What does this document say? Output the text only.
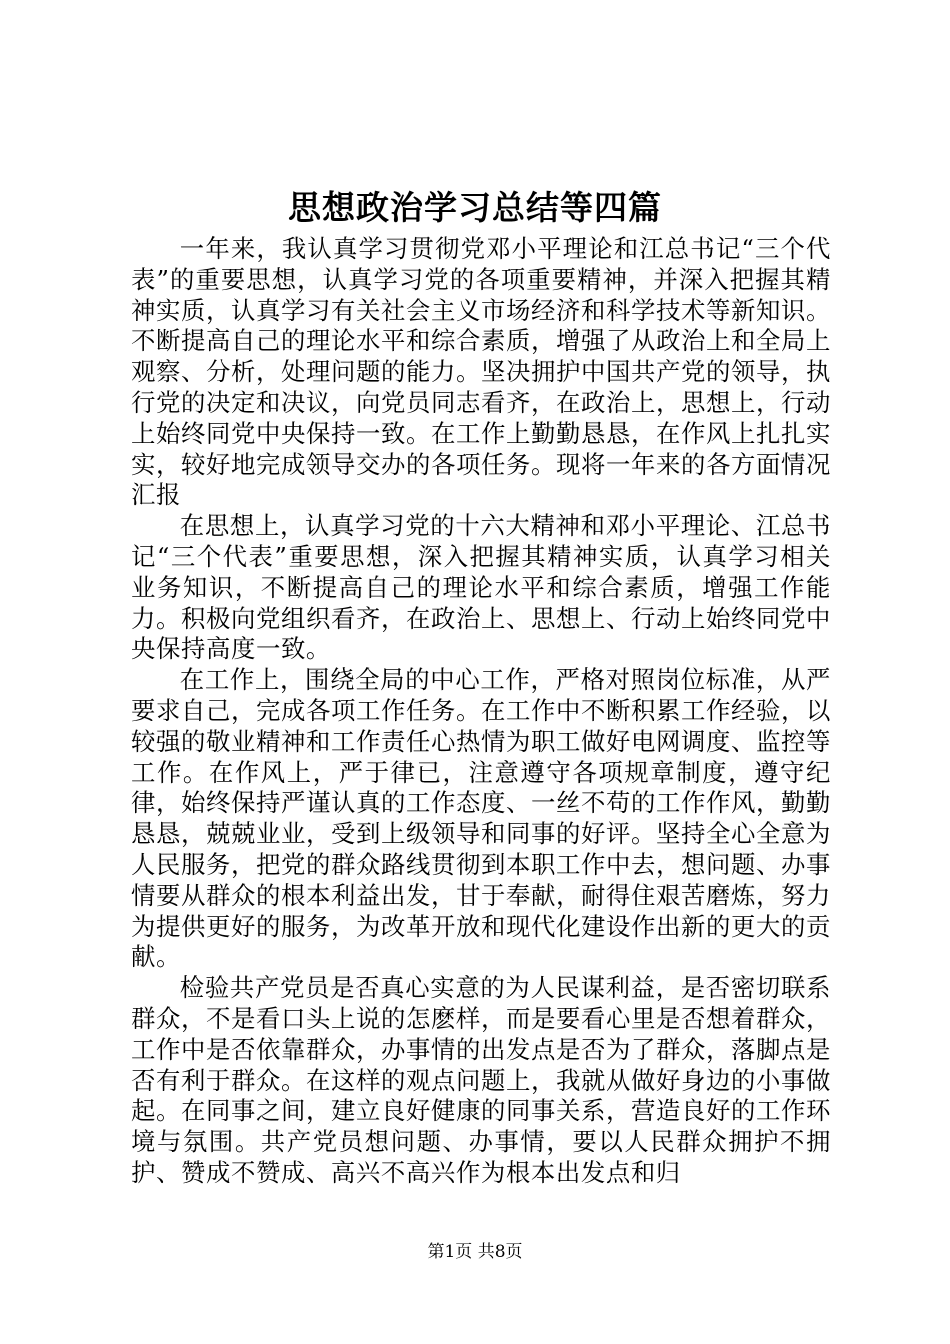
思想政治学习总结等四篇

一年来，我认真学习贯彻党邓小平理论和江总书记“三个代表”的重要思想，认真学习党的各项重要精神，并深入把握其精神实质，认真学习有关社会主义市场经济和科学技术等新知识。不断提高自己的理论水平和综合素质，增强了从政治上和全局上观察、分析，处理问题的能力。坚决拥护中国共产党的领导，执行党的决定和决议，向党员同志看齐，在政治上，思想上，行动上始终同党中央保持一致。在工作上勤勤恳恳，在作风上扎扎实实，较好地完成领导交办的各项任务。现将一年来的各方面情况汇报

在思想上，认真学习党的十六大精神和邓小平理论、江总书记“三个代表”重要思想，深入把握其精神实质，认真学习相关业务知识，不断提高自己的理论水平和综合素质，增强工作能力。积极向党组织看齐，在政治上、思想上、行动上始终同党中央保持高度一致。

在工作上，围绕全局的中心工作，严格对照岗位标准，从严要求自己，完成各项工作任务。在工作中不断积累工作经验，以较强的敬业精神和工作责任心热情为职工做好电网调度、监控等工作。在作风上，严于律已，注意遵守各项规章制度，遵守纪律，始终保持严谨认真的工作态度、一丝不苟的工作作风，勤勤恳恳，兢兢业业，受到上级领导和同事的好评。坚持全心全意为人民服务，把党的群众路线贯彻到本职工作中去，想问题、办事情要从群众的根本利益出发，甘于奉献，耐得住艰苦磨炼，努力为提供更好的服务，为改革开放和现代化建设作出新的更大的贡献。

检验共产党员是否真心实意的为人民谋利益，是否密切联系群众，不是看口头上说的怎麽样，而是要看心里是否想着群众，工作中是否依靠群众，办事情的出发点是否为了群众，落脚点是否有利于群众。在这样的观点问题上，我就从做好身边的小事做起。在同事之间，建立良好健康的同事关系，营造良好的工作环境与氛围。共产党员想问题、办事情，要以人民群众拥护不拥护、赞成不赞成、高兴不高兴作为根本出发点和归

第1页 共8页
